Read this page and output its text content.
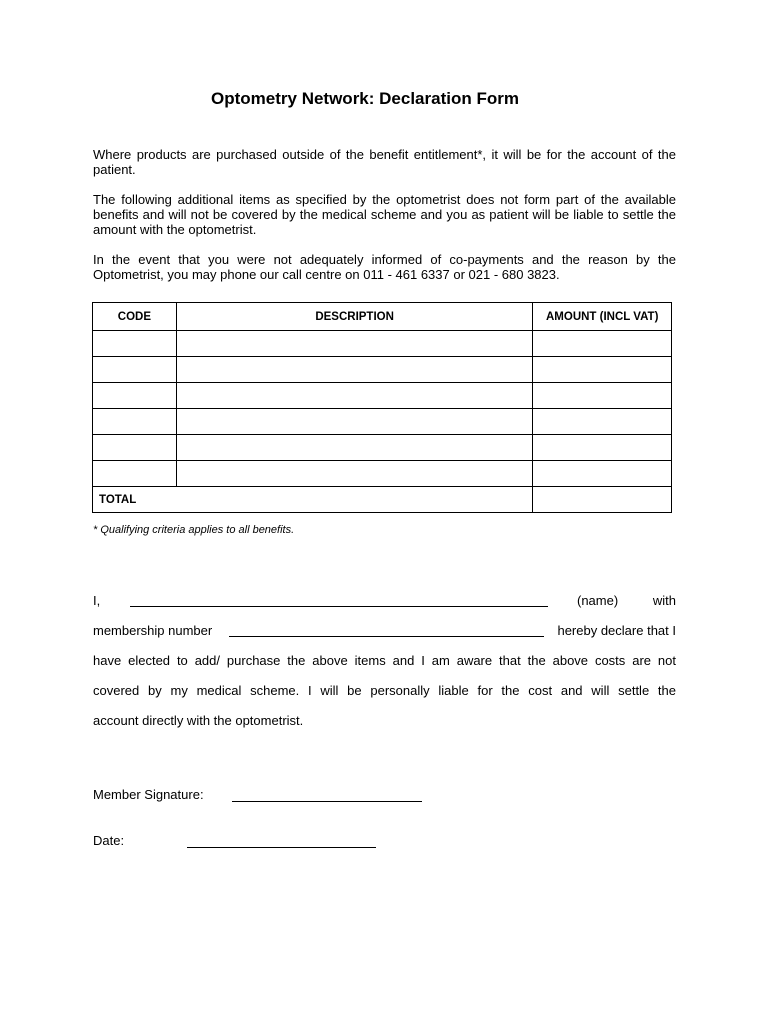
Optometry Network: Declaration Form
Where products are purchased outside of the benefit entitlement*, it will be for the account of the patient.
The following additional items as specified by the optometrist does not form part of the available benefits and will not be covered by the medical scheme and you as patient will be liable to settle the amount with the optometrist.
In the event that you were not adequately informed of co-payments and the reason by the Optometrist, you may phone our call centre on 011 - 461 6337 or 021 - 680 3823.
CODE	DESCRIPTION	AMOUNT (INCL VAT)

TOTAL		
* Qualifying criteria applies to all benefits.
I,	(name)	with
membership number	hereby declare that I
have elected to add/ purchase the above items and I am aware that the above costs are not
covered by my medical scheme. I will be personally liable for the cost and will settle the
account directly with the optometrist.
Member Signature:
Date:
